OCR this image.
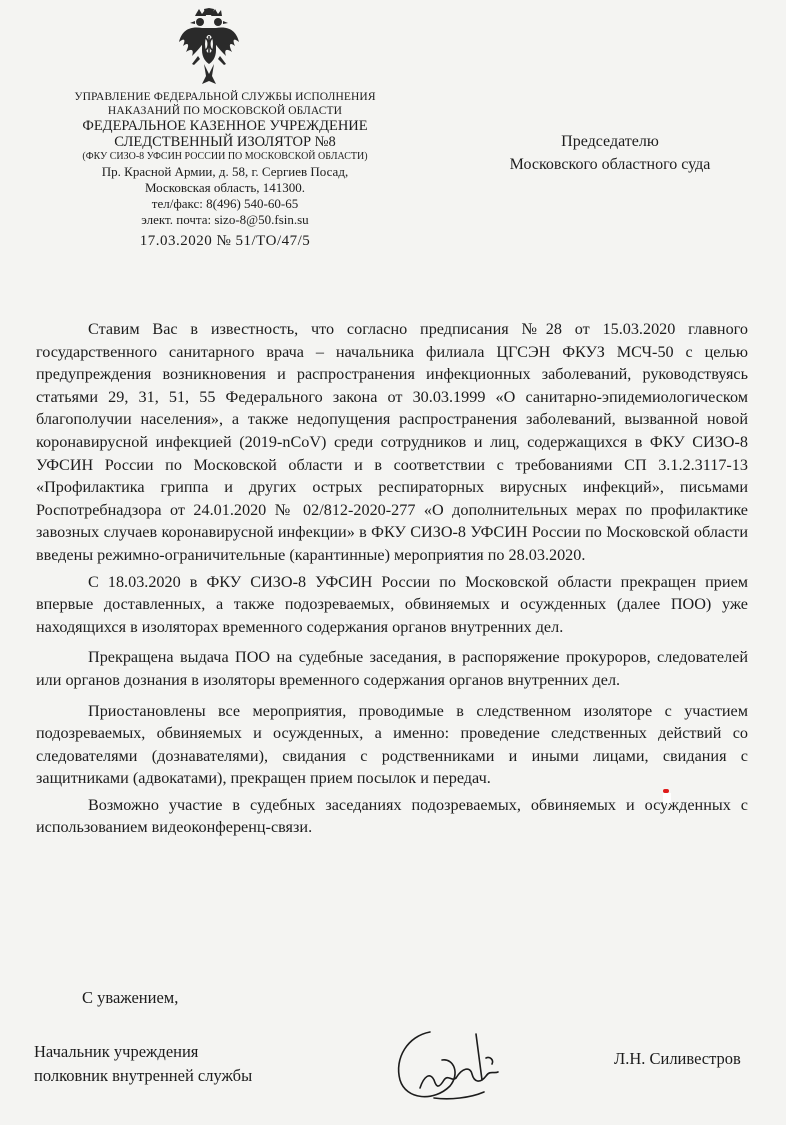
УПРАВЛЕНИЕ ФЕДЕРАЛЬНОЙ СЛУЖБЫ ИСПОЛНЕНИЯ
НАКАЗАНИЙ ПО МОСКОВСКОЙ ОБЛАСТИ
ФЕДЕРАЛЬНОЕ КАЗЕННОЕ УЧРЕЖДЕНИЕ
СЛЕДСТВЕННЫЙ ИЗОЛЯТОР №8
(ФКУ СИЗО-8 УФСИН РОССИИ ПО МОСКОВСКОЙ ОБЛАСТИ)
Пр. Красной Армии, д. 58, г. Сергиев Посад,
Московская область, 141300.
тел/факс: 8(496) 540-60-65
элект. почта: sizo-8@50.fsin.su
17.03.2020 № 51/ТО/47/5
Председателю
Московского областного суда

Ставим Вас в известность, что согласно предписания №28 от 15.03.2020 главного государственного санитарного врача – начальника филиала ЦГСЭН ФКУЗ МСЧ-50 с целью предупреждения возникновения и распространения инфекционных заболеваний, руководствуясь статьями 29, 31, 51, 55 Федерального закона от 30.03.1999 «О санитарно-эпидемиологическом благополучии населения», а также недопущения распространения заболеваний, вызванной новой коронавирусной инфекцией (2019-nCoV) среди сотрудников и лиц, содержащихся в ФКУ СИЗО-8 УФСИН России по Московской области и в соответствии с требованиями СП 3.1.2.3117-13 «Профилактика гриппа и других острых респираторных вирусных инфекций», письмами Роспотребнадзора от 24.01.2020 № 02/812-2020-277 «О дополнительных мерах по профилактике завозных случаев коронавирусной инфекции» в ФКУ СИЗО-8 УФСИН России по Московской области введены режимно-ограничительные (карантинные) мероприятия по 28.03.2020.

С 18.03.2020 в ФКУ СИЗО-8 УФСИН России по Московской области прекращен прием впервые доставленных, а также подозреваемых, обвиняемых и осужденных (далее ПОО) уже находящихся в изоляторах временного содержания органов внутренних дел.

Прекращена выдача ПОО на судебные заседания, в распоряжение прокуроров, следователей или органов дознания в изоляторы временного содержания органов внутренних дел.

Приостановлены все мероприятия, проводимые в следственном изоляторе с участием подозреваемых, обвиняемых и осужденных, а именно: проведение следственных действий со следователями (дознавателями), свидания с родственниками и иными лицами, свидания с защитниками (адвокатами), прекращен прием посылок и передач.

Возможно участие в судебных заседаниях подозреваемых, обвиняемых и осужденных с использованием видеоконференц-связи.

С уважением,
Начальник учреждения
полковник внутренней службы
Л.Н. Силивестров
